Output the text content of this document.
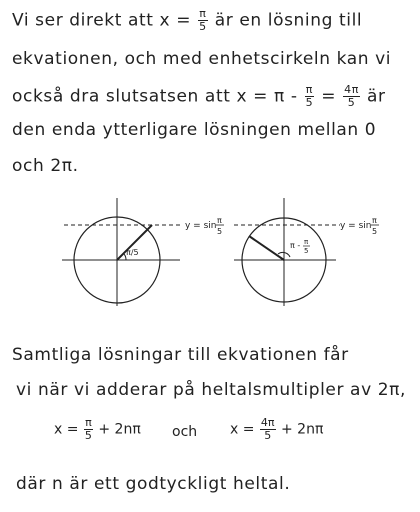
Vi ser direkt att $x = \frac{\pi}{5}$ är en lösning till
ekvationen, och med enhetscirkeln kan vi
också dra slutsatsen att $x = \pi - \frac{\pi}{5} = \frac{4\pi}{5}$ är
den enda ytterligare lösningen mellan 0
och 2π.
π/5
y = sin
π
5
π - π
5
y = sin
π
5
Samtliga lösningar till ekvationen får
vi när vi adderar på heltalsmultipler av 2π,
$x = \frac{\pi}{5} + 2n\pi$ och $x = \frac{4\pi}{5} + 2n\pi$
där n är ett godtyckligt heltal.
